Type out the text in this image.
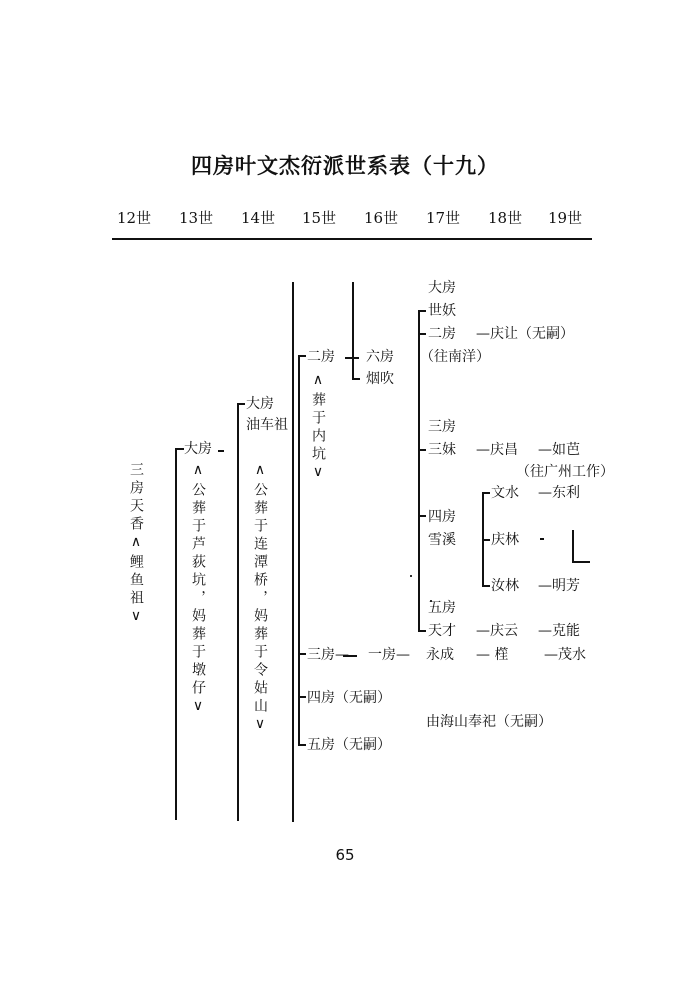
四房叶文杰衍派世系表（十九）
12世 13世 14世 15世 16世 17世 18世 19世
三房天香∧鲤鱼祖∨
大房
∧公葬于芦荻坑，妈葬于墩仔∨
大房
油车祖
∧公葬于连潭桥，妈葬于令姑山∨
二房
∧葬于内坑∨
三房—
四房（无嗣）
五房（无嗣）
六房
烟吹
一房—
大房
世妖
二房 —庆让（无嗣）
（往南洋）
三房
三妹 —庆昌 —如芭
（往广州工作）
四房
雪溪
文水 —东利
庆林
汝林 —明芳
五房
天才 —庆云 —克能
永成 — 樦	—茂水
由海山奉祀（无嗣）
65
